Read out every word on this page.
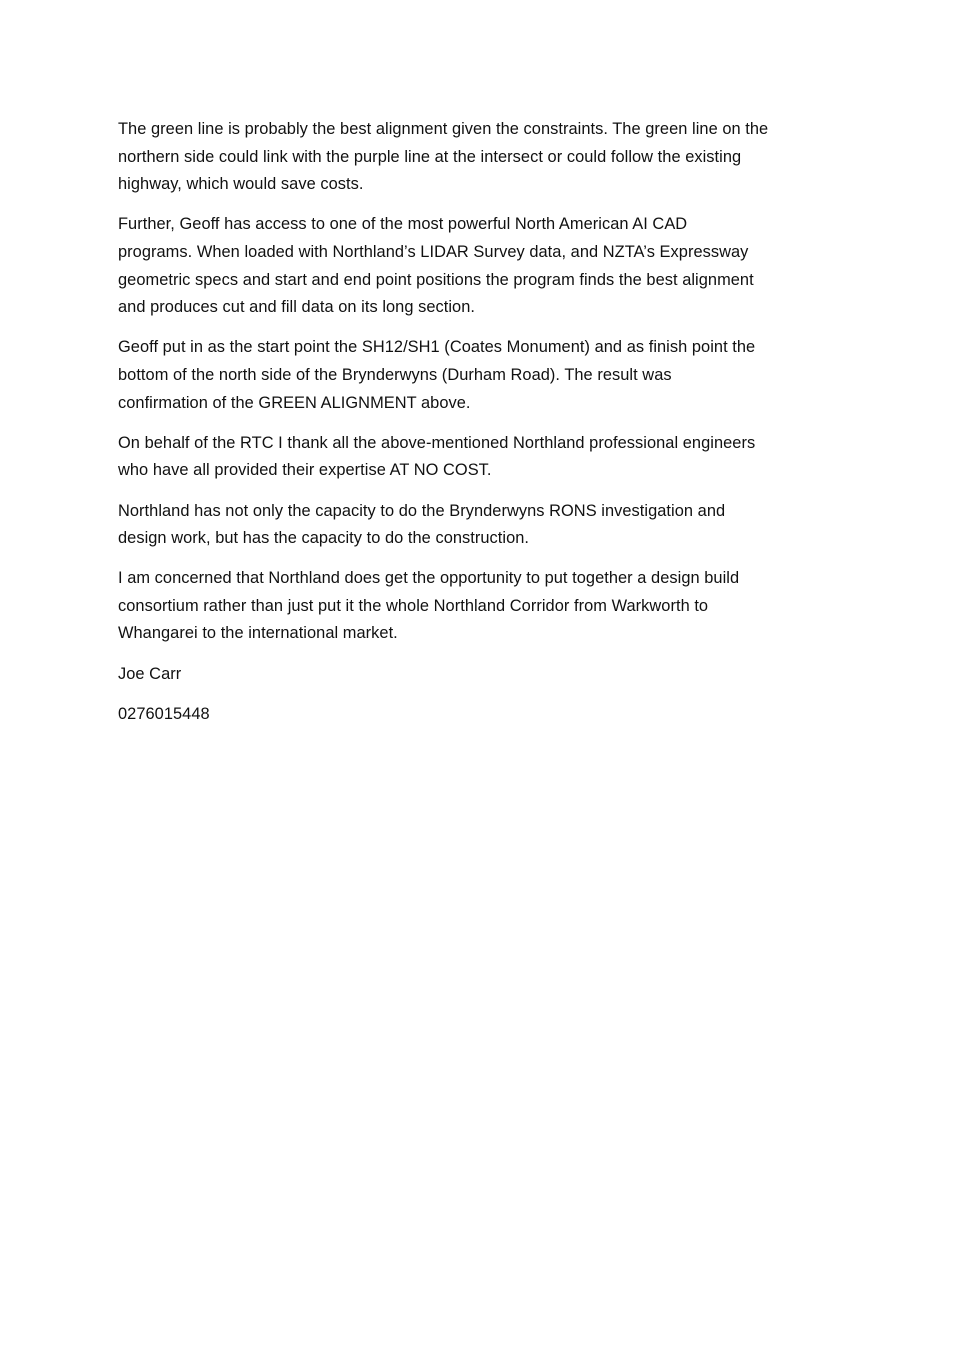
The green line is probably the best alignment given the constraints. The green line on the
northern side could link with the purple line at the intersect or could follow the existing
highway, which would save costs.

Further, Geoff has access to one of the most powerful North American AI CAD
programs. When loaded with Northland’s LIDAR Survey data, and NZTA’s Expressway
geometric specs and start and end point positions the program finds the best alignment
and produces cut and fill data on its long section.

Geoff put in as the start point the SH12/SH1 (Coates Monument) and as finish point the
bottom of the north side of the Brynderwyns (Durham Road). The result was
confirmation of the GREEN ALIGNMENT above.

On behalf of the RTC I thank all the above-mentioned Northland professional engineers
who have all provided their expertise AT NO COST.

Northland has not only the capacity to do the Brynderwyns RONS investigation and
design work, but has the capacity to do the construction.

I am concerned that Northland does get the opportunity to put together a design build
consortium rather than just put it the whole Northland Corridor from Warkworth to
Whangarei to the international market.

Joe Carr

0276015448
